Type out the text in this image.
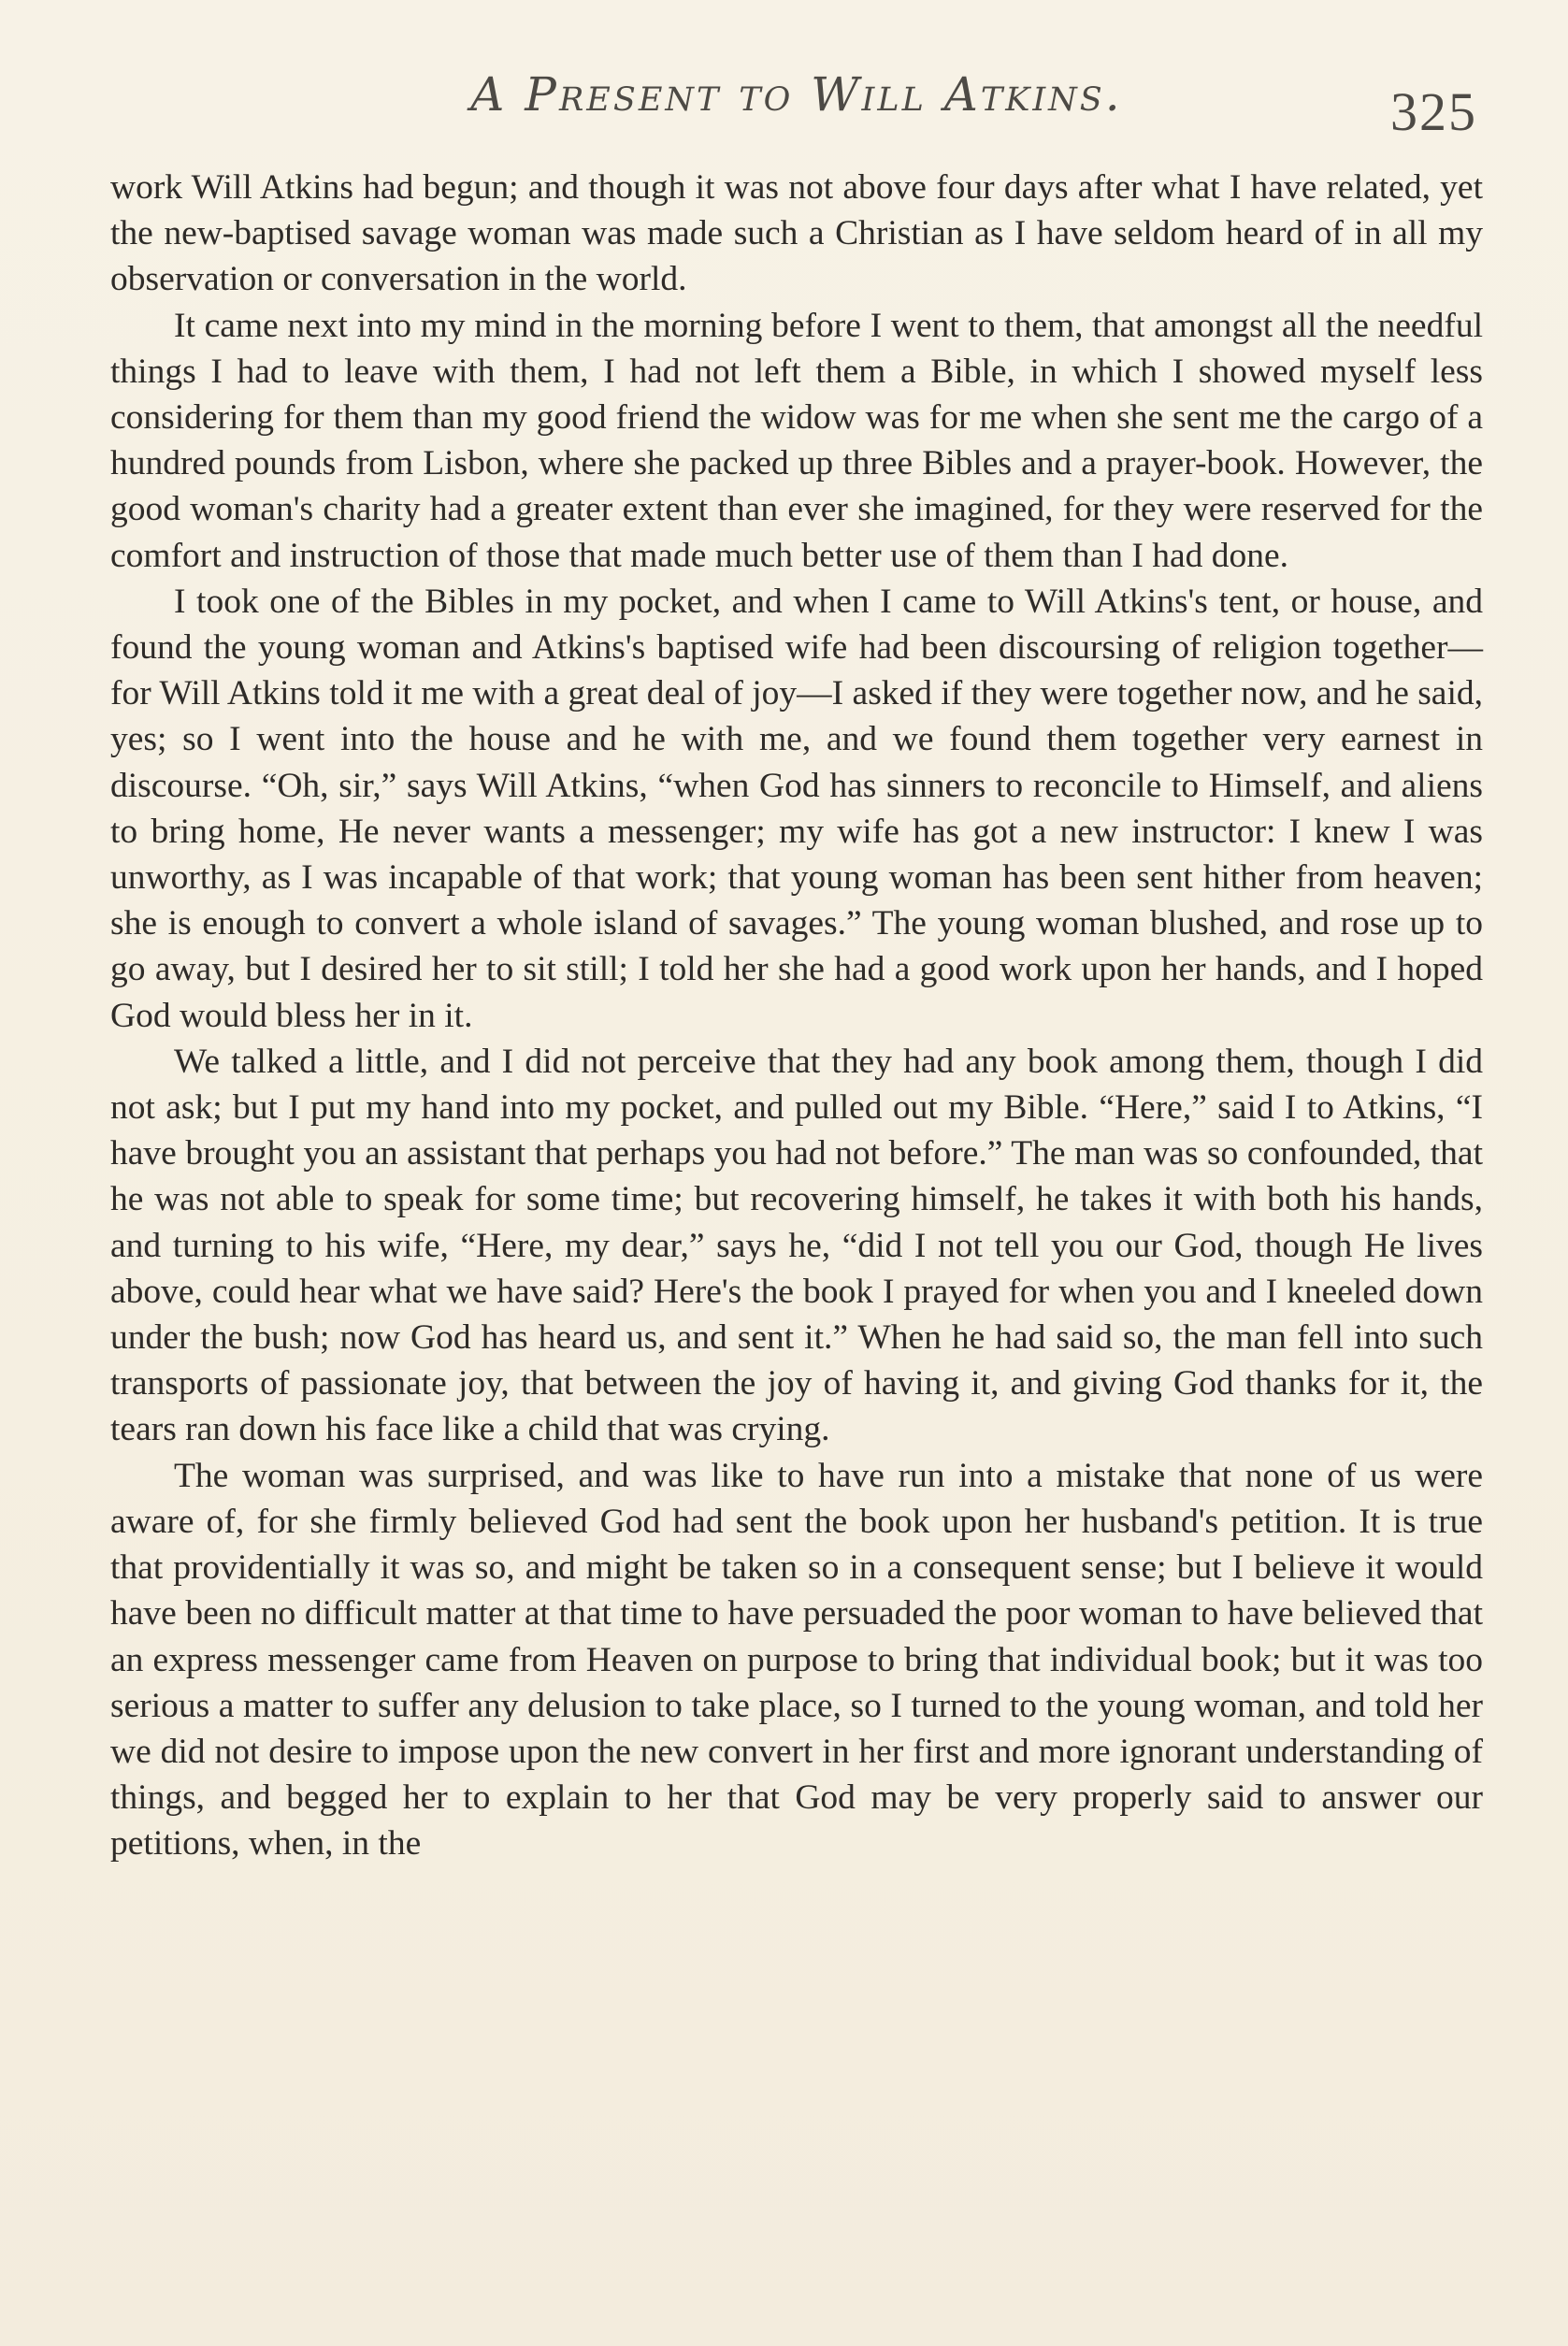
A Present to Will Atkins.	325

work Will Atkins had begun; and though it was not above four days after what I have related, yet the new-baptised savage woman was made such a Christian as I have seldom heard of in all my observation or conversation in the world.

It came next into my mind in the morning before I went to them, that amongst all the needful things I had to leave with them, I had not left them a Bible, in which I showed myself less considering for them than my good friend the widow was for me when she sent me the cargo of a hundred pounds from Lisbon, where she packed up three Bibles and a prayer-book. However, the good woman's charity had a greater extent than ever she imagined, for they were reserved for the comfort and instruction of those that made much better use of them than I had done.

I took one of the Bibles in my pocket, and when I came to Will Atkins's tent, or house, and found the young woman and Atkins's baptised wife had been discoursing of religion together—for Will Atkins told it me with a great deal of joy—I asked if they were together now, and he said, yes; so I went into the house and he with me, and we found them together very earnest in discourse. “Oh, sir,” says Will Atkins, “when God has sinners to reconcile to Himself, and aliens to bring home, He never wants a messenger; my wife has got a new instructor: I knew I was unworthy, as I was incapable of that work; that young woman has been sent hither from heaven; she is enough to convert a whole island of savages.” The young woman blushed, and rose up to go away, but I desired her to sit still; I told her she had a good work upon her hands, and I hoped God would bless her in it.

We talked a little, and I did not perceive that they had any book among them, though I did not ask; but I put my hand into my pocket, and pulled out my Bible. “Here,” said I to Atkins, “I have brought you an assistant that perhaps you had not before.” The man was so confounded, that he was not able to speak for some time; but recovering himself, he takes it with both his hands, and turning to his wife, “Here, my dear,” says he, “did I not tell you our God, though He lives above, could hear what we have said? Here's the book I prayed for when you and I kneeled down under the bush; now God has heard us, and sent it.” When he had said so, the man fell into such transports of passionate joy, that between the joy of having it, and giving God thanks for it, the tears ran down his face like a child that was crying.

The woman was surprised, and was like to have run into a mistake that none of us were aware of, for she firmly believed God had sent the book upon her husband's petition. It is true that providentially it was so, and might be taken so in a consequent sense; but I believe it would have been no difficult matter at that time to have persuaded the poor woman to have believed that an express messenger came from Heaven on purpose to bring that individual book; but it was too serious a matter to suffer any delusion to take place, so I turned to the young woman, and told her we did not desire to impose upon the new convert in her first and more ignorant understanding of things, and begged her to explain to her that God may be very properly said to answer our petitions, when, in the
